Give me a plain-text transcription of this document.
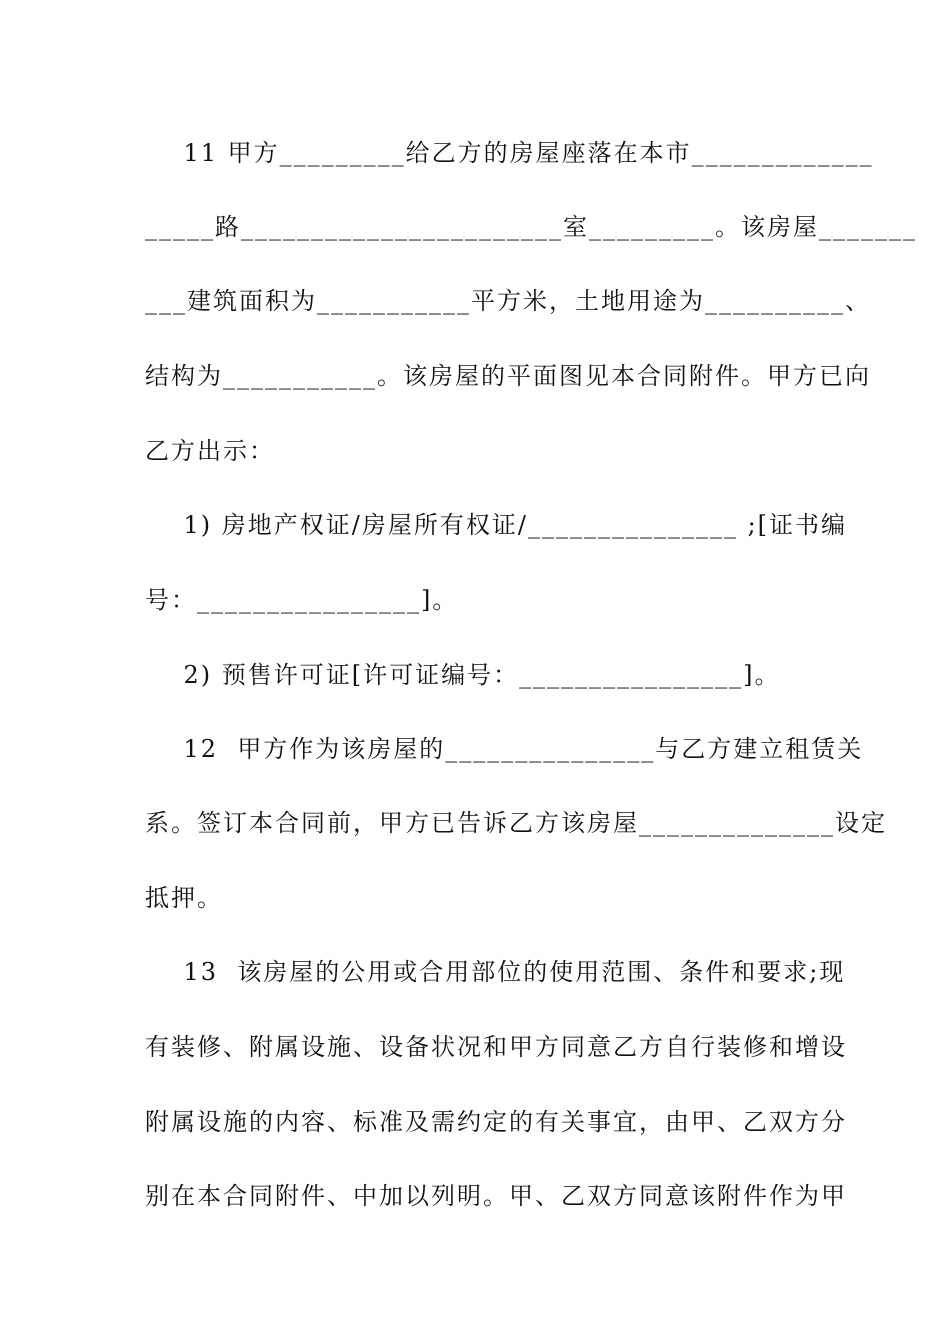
11 甲方_________给乙方的房屋座落在本市_____________
_____路_______________________室_________。该房屋_______
___建筑面积为___________平方米，土地用途为__________、
结构为___________。该房屋的平面图见本合同附件。甲方已向
乙方出示：
1) 房地产权证/房屋所有权证/_______________ ;[证书编
号：________________]。
2) 预售许可证[许可证编号：________________]。
12  甲方作为该房屋的_______________与乙方建立租赁关
系。签订本合同前，甲方已告诉乙方该房屋______________设定
抵押。
13  该房屋的公用或合用部位的使用范围、条件和要求;现
有装修、附属设施、设备状况和甲方同意乙方自行装修和增设
附属设施的内容、标准及需约定的有关事宜，由甲、乙双方分
别在本合同附件、中加以列明。甲、乙双方同意该附件作为甲
